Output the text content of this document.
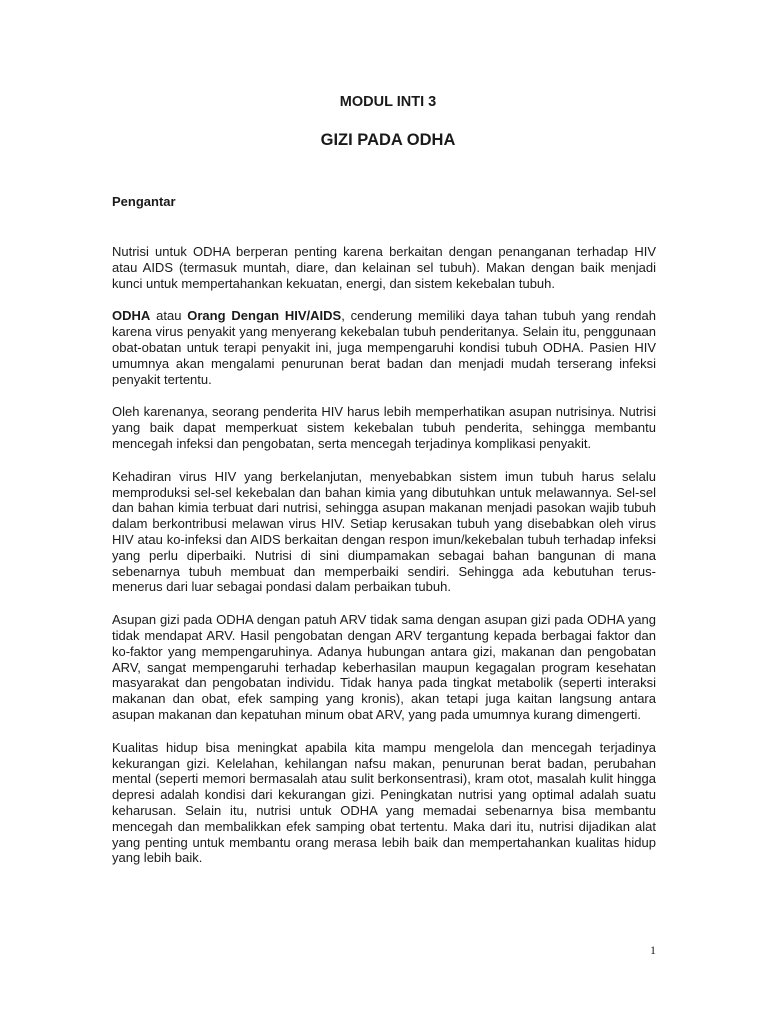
MODUL INTI 3
GIZI PADA ODHA
Pengantar

Nutrisi untuk ODHA berperan penting karena berkaitan dengan penanganan terhadap HIV atau AIDS (termasuk muntah, diare, dan kelainan sel tubuh). Makan dengan baik menjadi kunci untuk mempertahankan kekuatan, energi, dan sistem kekebalan tubuh.

ODHA atau Orang Dengan HIV/AIDS, cenderung memiliki daya tahan tubuh yang rendah karena virus penyakit yang menyerang kekebalan tubuh penderitanya. Selain itu, penggunaan obat-obatan untuk terapi penyakit ini, juga mempengaruhi kondisi tubuh ODHA. Pasien HIV umumnya akan mengalami penurunan berat badan dan menjadi mudah terserang infeksi penyakit tertentu.

Oleh karenanya, seorang penderita HIV harus lebih memperhatikan asupan nutrisinya. Nutrisi yang baik dapat memperkuat sistem kekebalan tubuh penderita, sehingga membantu mencegah infeksi dan pengobatan, serta mencegah terjadinya komplikasi penyakit.

Kehadiran virus HIV yang berkelanjutan, menyebabkan sistem imun tubuh harus selalu memproduksi sel-sel kekebalan dan bahan kimia yang dibutuhkan untuk melawannya. Sel-sel dan bahan kimia terbuat dari nutrisi, sehingga asupan makanan menjadi pasokan wajib tubuh dalam berkontribusi melawan virus HIV. Setiap kerusakan tubuh yang disebabkan oleh virus HIV atau ko-infeksi dan AIDS berkaitan dengan respon imun/kekebalan tubuh terhadap infeksi yang perlu diperbaiki. Nutrisi di sini diumpamakan sebagai bahan bangunan di mana sebenarnya tubuh membuat dan memperbaiki sendiri. Sehingga ada kebutuhan terus-menerus dari luar sebagai pondasi dalam perbaikan tubuh.

Asupan gizi pada ODHA dengan patuh ARV tidak sama dengan asupan gizi pada ODHA yang tidak mendapat ARV. Hasil pengobatan dengan ARV tergantung kepada berbagai faktor dan ko-faktor yang mempengaruhinya. Adanya hubungan antara gizi, makanan dan pengobatan ARV, sangat mempengaruhi terhadap keberhasilan maupun kegagalan program kesehatan masyarakat dan pengobatan individu. Tidak hanya pada tingkat metabolik (seperti interaksi makanan dan obat, efek samping yang kronis), akan tetapi juga kaitan langsung antara asupan makanan dan kepatuhan minum obat ARV, yang pada umumnya kurang dimengerti.

Kualitas hidup bisa meningkat apabila kita mampu mengelola dan mencegah terjadinya kekurangan gizi. Kelelahan, kehilangan nafsu makan, penurunan berat badan, perubahan mental (seperti memori bermasalah atau sulit berkonsentrasi), kram otot, masalah kulit hingga depresi adalah kondisi dari kekurangan gizi. Peningkatan nutrisi yang optimal adalah suatu keharusan. Selain itu, nutrisi untuk ODHA yang memadai sebenarnya bisa membantu mencegah dan membalikkan efek samping obat tertentu. Maka dari itu, nutrisi dijadikan alat yang penting untuk membantu orang merasa lebih baik dan mempertahankan kualitas hidup yang lebih baik.

1
